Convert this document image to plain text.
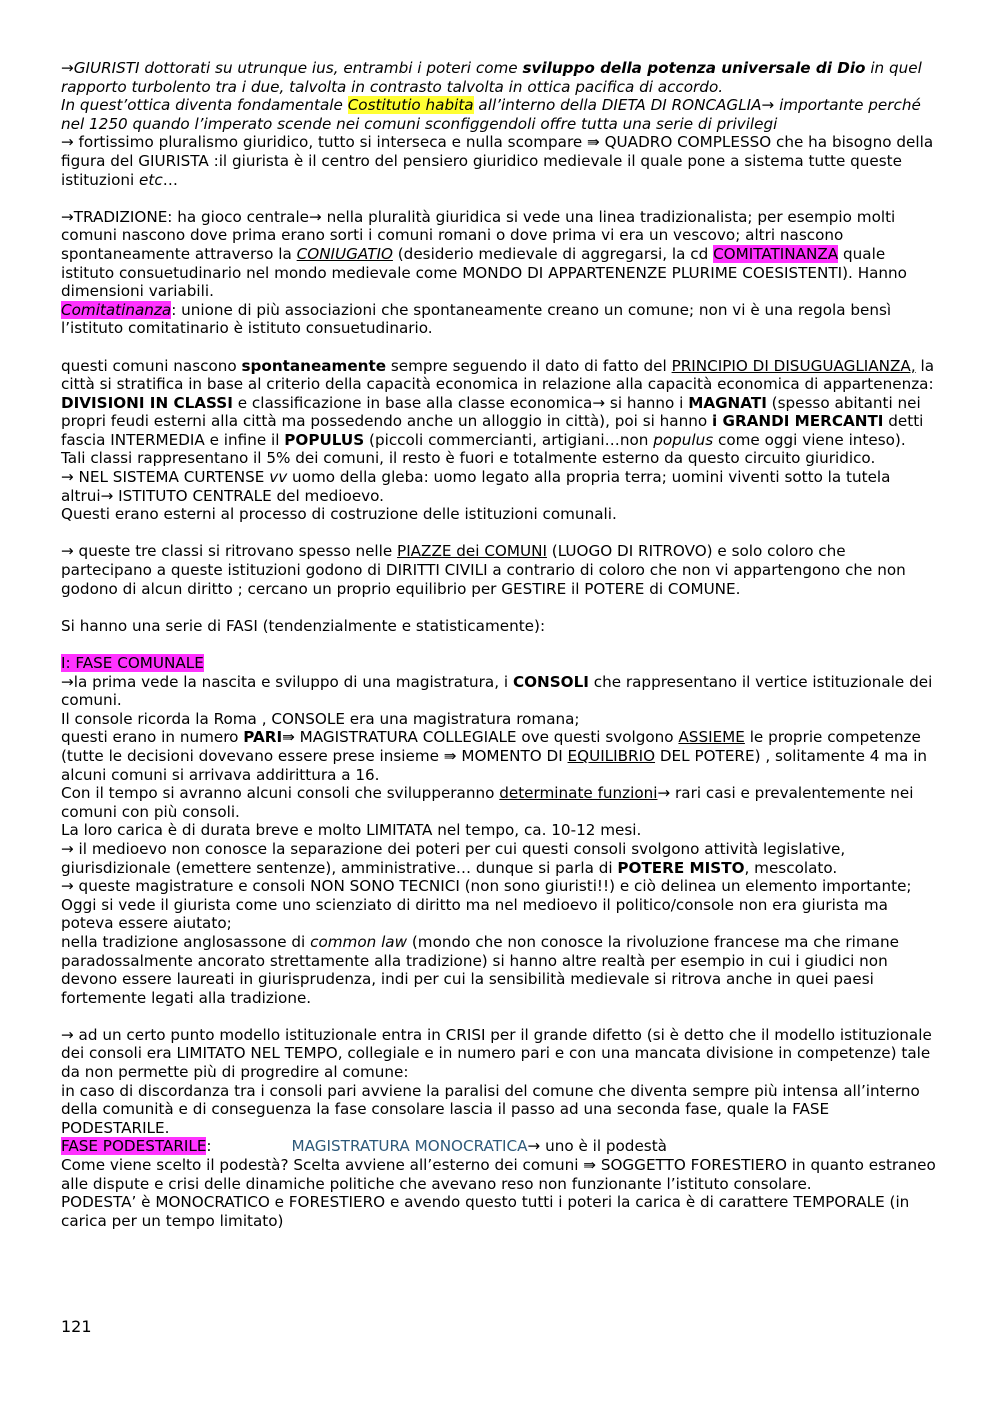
→GIURISTI dottorati su utrunque ius, entrambi i poteri come sviluppo della potenza universale di Dio in quel rapporto turbolento tra i due, talvolta in contrasto talvolta in ottica pacifica di accordo.

In quest’ottica diventa fondamentale Costitutio habita all’interno della DIETA DI RONCAGLIA→ importante perché nel 1250 quando l’imperato scende nei comuni sconfiggendoli offre tutta una serie di privilegi

→ fortissimo pluralismo giuridico, tutto si interseca e nulla scompare ⇛ QUADRO COMPLESSO che ha bisogno della figura del GIURISTA :il giurista è il centro del pensiero giuridico medievale il quale pone a sistema tutte queste istituzioni etc…

→TRADIZIONE: ha gioco centrale→ nella pluralità giuridica si vede una linea tradizionalista; per esempio molti comuni nascono dove prima erano sorti i comuni romani o dove prima vi era un vescovo; altri nascono spontaneamente attraverso la CONIUGATIO (desiderio medievale di aggregarsi, la cd COMITATINANZA quale istituto consuetudinario nel mondo medievale come MONDO DI APPARTENENZE PLURIME COESISTENTI). Hanno dimensioni variabili.

Comitatinanza: unione di più associazioni che spontaneamente creano un comune; non vi è una regola bensì l’istituto comitatinario è istituto consuetudinario.

questi comuni nascono spontaneamente sempre seguendo il dato di fatto del PRINCIPIO DI DISUGUAGLIANZA, la città si stratifica in base al criterio della capacità economica in relazione alla capacità economica di appartenenza:

DIVISIONI IN CLASSI e classificazione in base alla classe economica→ si hanno i MAGNATI (spesso abitanti nei propri feudi esterni alla città ma possedendo anche un alloggio in città), poi si hanno i GRANDI MERCANTI detti fascia INTERMEDIA e infine il POPULUS (piccoli commercianti, artigiani…non populus come oggi viene inteso).

Tali classi rappresentano il 5% dei comuni, il resto è fuori e totalmente esterno da questo circuito giuridico.

→ NEL SISTEMA CURTENSE vv uomo della gleba: uomo legato alla propria terra; uomini viventi sotto la tutela altrui→ ISTITUTO CENTRALE del medioevo.

Questi erano esterni al processo di costruzione delle istituzioni comunali.

→ queste tre classi si ritrovano spesso nelle PIAZZE dei COMUNI (LUOGO DI RITROVO) e solo coloro che partecipano a queste istituzioni godono di DIRITTI CIVILI a contrario di coloro che non vi appartengono che non godono di alcun diritto ; cercano un proprio equilibrio per GESTIRE il POTERE di COMUNE.

Si hanno una serie di FASI (tendenzialmente e statisticamente):

I: FASE COMUNALE

→la prima vede la nascita e sviluppo di una magistratura, i CONSOLI che rappresentano il vertice istituzionale dei comuni.

Il console ricorda la Roma , CONSOLE era una magistratura romana;

questi erano in numero PARI⇛ MAGISTRATURA COLLEGIALE ove questi svolgono ASSIEME le proprie competenze (tutte le decisioni dovevano essere prese insieme ⇛ MOMENTO DI EQUILIBRIO DEL POTERE) , solitamente 4 ma in alcuni comuni si arrivava addirittura a 16.

Con il tempo si avranno alcuni consoli che svilupperanno determinate funzioni→ rari casi e prevalentemente nei comuni con più consoli.

La loro carica è di durata breve e molto LIMITATA nel tempo, ca. 10-12 mesi.

→ il medioevo non conosce la separazione dei poteri per cui questi consoli svolgono attività legislative, giurisdizionale (emettere sentenze), amministrative… dunque si parla di POTERE MISTO, mescolato.

→ queste magistrature e consoli NON SONO TECNICI (non sono giuristi!!) e ciò delinea un elemento importante; Oggi si vede il giurista come uno scienziato di diritto ma nel medioevo il politico/console non era giurista ma poteva essere aiutato;

nella tradizione anglosassone di common law (mondo che non conosce la rivoluzione francese ma che rimane paradossalmente ancorato strettamente alla tradizione) si hanno altre realtà per esempio in cui i giudici non devono essere laureati in giurisprudenza, indi per cui la sensibilità medievale si ritrova anche in quei paesi fortemente legati alla tradizione.

→ ad un certo punto modello istituzionale entra in CRISI per il grande difetto (si è detto che il modello istituzionale dei consoli era LIMITATO NEL TEMPO, collegiale e in numero pari e con una mancata divisione in competenze) tale da non permette più di progredire al comune:

in caso di discordanza tra i consoli pari avviene la paralisi del comune che diventa sempre più intensa all’interno della comunità e di conseguenza la fase consolare lascia il passo ad una seconda fase, quale la FASE PODESTARILE.

FASE PODESTARILE:	MAGISTRATURA MONOCRATICA→ uno è il podestà

Come viene scelto il podestà? Scelta avviene all’esterno dei comuni ⇛ SOGGETTO FORESTIERO in quanto estraneo alle dispute e crisi delle dinamiche politiche che avevano reso non funzionante l’istituto consolare.

PODESTA’ è MONOCRATICO e FORESTIERO e avendo questo tutti i poteri la carica è di carattere TEMPORALE (in carica per un tempo limitato)

121
